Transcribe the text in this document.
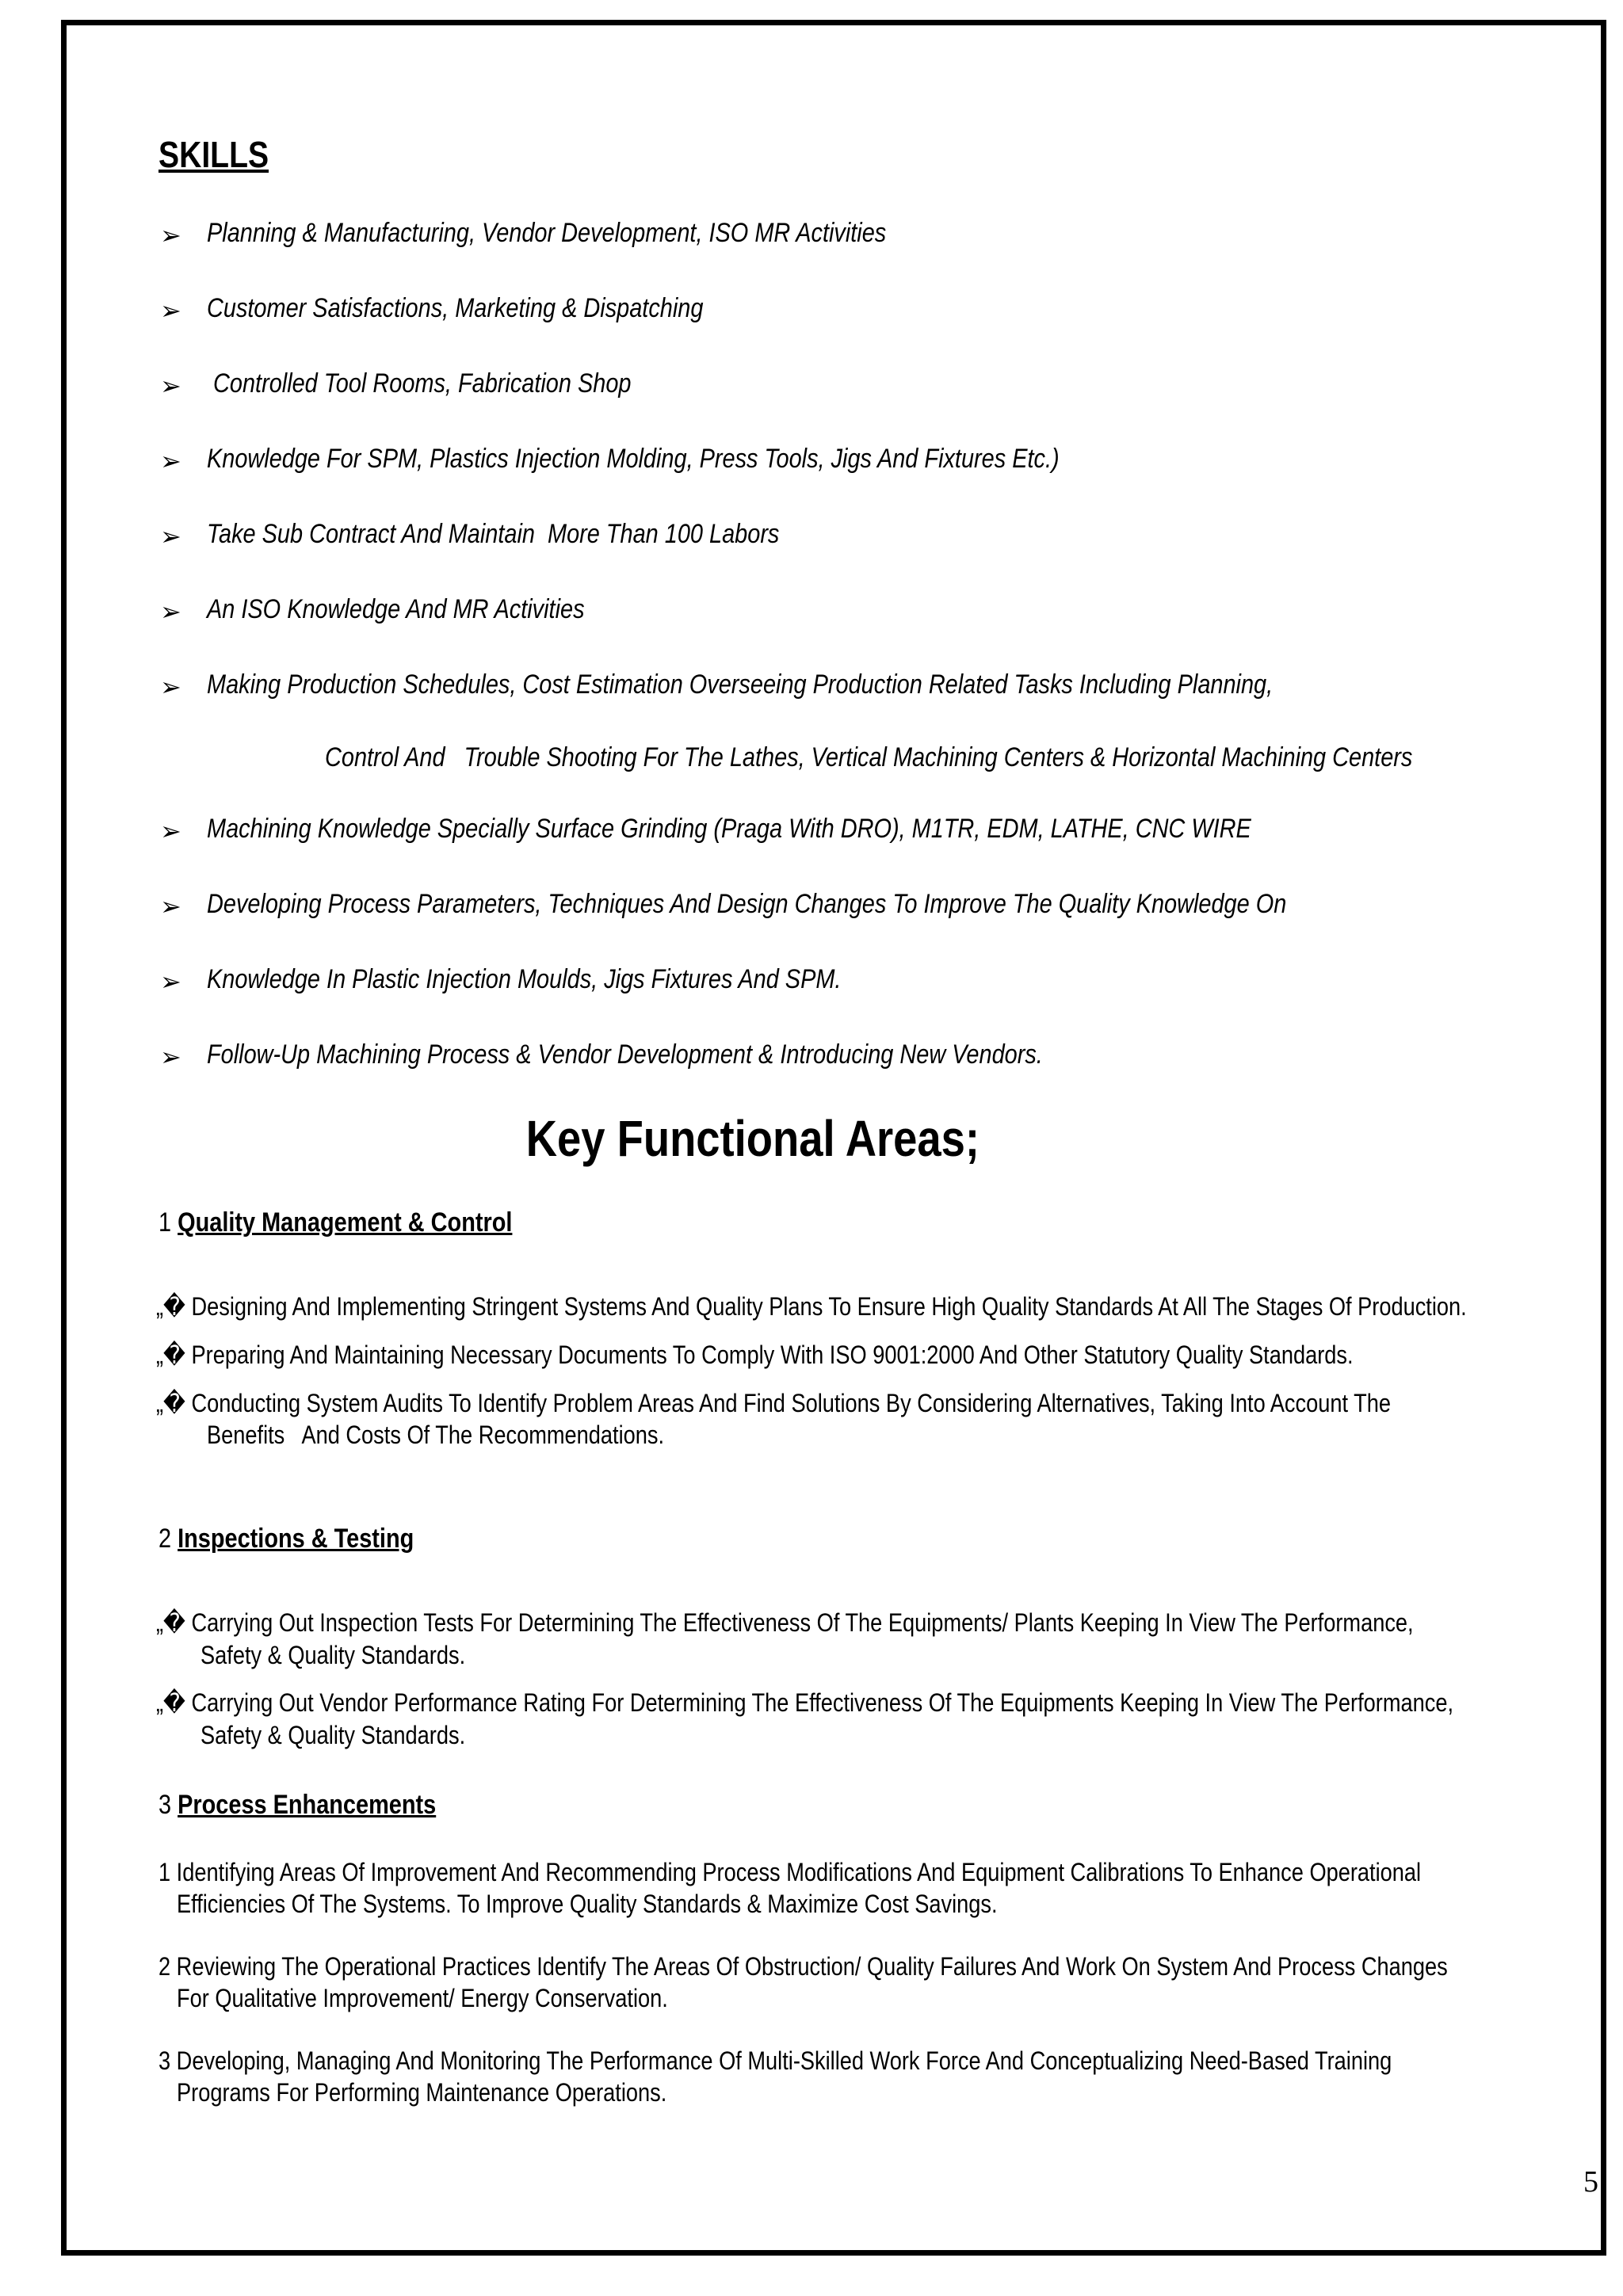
SKILLS
➢ Planning & Manufacturing, Vendor Development, ISO MR Activities
➢ Customer Satisfactions, Marketing & Dispatching
➢ Controlled Tool Rooms, Fabrication Shop
➢ Knowledge For SPM, Plastics Injection Molding, Press Tools, Jigs And Fixtures Etc.)
➢ Take Sub Contract And Maintain  More Than 100 Labors
➢ An ISO Knowledge And MR Activities
➢ Making Production Schedules, Cost Estimation Overseeing Production Related Tasks Including Planning,
Control And   Trouble Shooting For The Lathes, Vertical Machining Centers & Horizontal Machining Centers
➢ Machining Knowledge Specially Surface Grinding (Praga With DRO), M1TR, EDM, LATHE, CNC WIRE
➢ Developing Process Parameters, Techniques And Design Changes To Improve The Quality Knowledge On
➢ Knowledge In Plastic Injection Moulds, Jigs Fixtures And SPM.
➢ Follow-Up Machining Process & Vendor Development & Introducing New Vendors.
Key Functional Areas;
1 Quality Management & Control
„� Designing And Implementing Stringent Systems And Quality Plans To Ensure High Quality Standards At All The Stages Of Production.
„� Preparing And Maintaining Necessary Documents To Comply With ISO 9001:2000 And Other Statutory Quality Standards.
„� Conducting System Audits To Identify Problem Areas And Find Solutions By Considering Alternatives, Taking Into Account The
Benefits   And Costs Of The Recommendations.
2 Inspections & Testing
„� Carrying Out Inspection Tests For Determining The Effectiveness Of The Equipments/ Plants Keeping In View The Performance,
Safety & Quality Standards.
„� Carrying Out Vendor Performance Rating For Determining The Effectiveness Of The Equipments Keeping In View The Performance,
Safety & Quality Standards.
3 Process Enhancements
1 Identifying Areas Of Improvement And Recommending Process Modifications And Equipment Calibrations To Enhance Operational
Efficiencies Of The Systems. To Improve Quality Standards & Maximize Cost Savings.
2 Reviewing The Operational Practices Identify The Areas Of Obstruction/ Quality Failures And Work On System And Process Changes
For Qualitative Improvement/ Energy Conservation.
3 Developing, Managing And Monitoring The Performance Of Multi-Skilled Work Force And Conceptualizing Need-Based Training
Programs For Performing Maintenance Operations.
5
